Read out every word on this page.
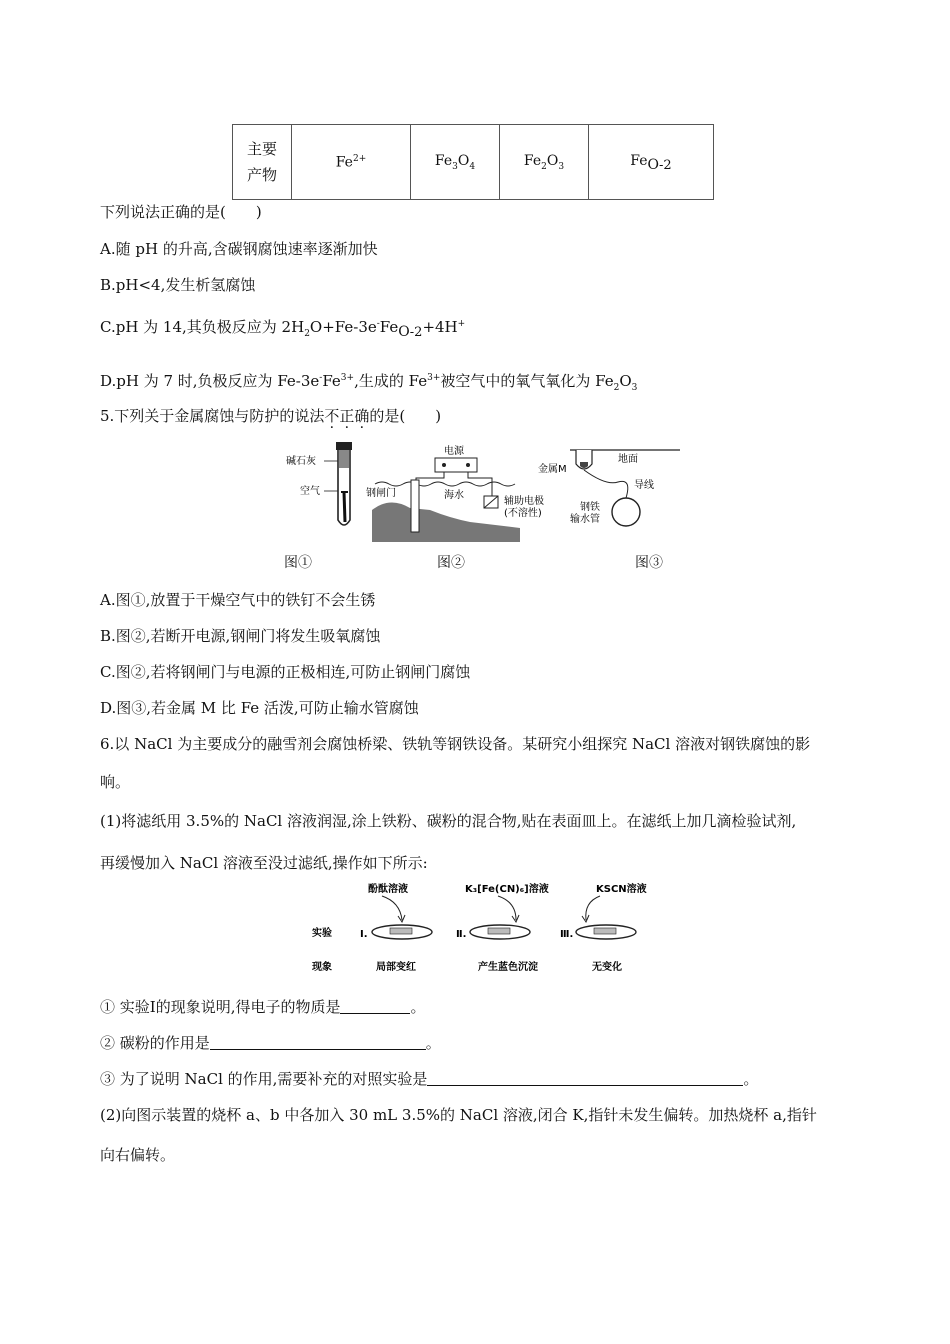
主要
产物
	$Fe^{2+}$	$Fe_3O_4$	$Fe_2O_3$	Fe O -2
下列说法正确的是(　　)
A.随 pH 的升高,含碳钢腐蚀速率逐渐加快
B.pH<4,发生析氢腐蚀
C.pH 为 14,其负极反应为 $2H_2O+Fe-3e^-Fe$ O -2+4H+
D.pH 为 7 时,负极反应为 $Fe-3e^-Fe^{3+}$,生成的 $Fe^{3+}$被空气中的氧气氧化为 $Fe_2O_3$
5.下列关于金属腐蚀与防护的说法不正确的是(　　)
碱石灰
空气
电源
钢闸门	海水
辅助电极
(不溶性)
地面
金属M
导线
钢铁
输水管
图①	图②	图③
A.图①,放置于干燥空气中的铁钉不会生锈
B.图②,若断开电源,钢闸门将发生吸氧腐蚀
C.图②,若将钢闸门与电源的正极相连,可防止钢闸门腐蚀
D.图③,若金属 M 比 Fe 活泼,可防止输水管腐蚀
6.以 NaCl 为主要成分的融雪剂会腐蚀桥梁、铁轨等钢铁设备。某研究小组探究 NaCl 溶液对钢铁腐蚀的影
响。
(1)将滤纸用 3.5%的 NaCl 溶液润湿,涂上铁粉、碳粉的混合物,贴在表面皿上。在滤纸上加几滴检验试剂,
再缓慢加入 NaCl 溶液至没过滤纸,操作如下所示:
实验
现象
酚酞溶液
Ⅰ.
局部变红
K₃[Fe(CN)₆]溶液
Ⅱ.
产生蓝色沉淀
KSCN溶液
Ⅲ.
无变化
① 实验Ⅰ的现象说明,得电子的物质是	。
② 碳粉的作用是	。
③ 为了说明 NaCl 的作用,需要补充的对照实验是	。
(2)向图示装置的烧杯 a、b 中各加入 30 mL 3.5%的 NaCl 溶液,闭合 K,指针未发生偏转。加热烧杯 a,指针
向右偏转。
